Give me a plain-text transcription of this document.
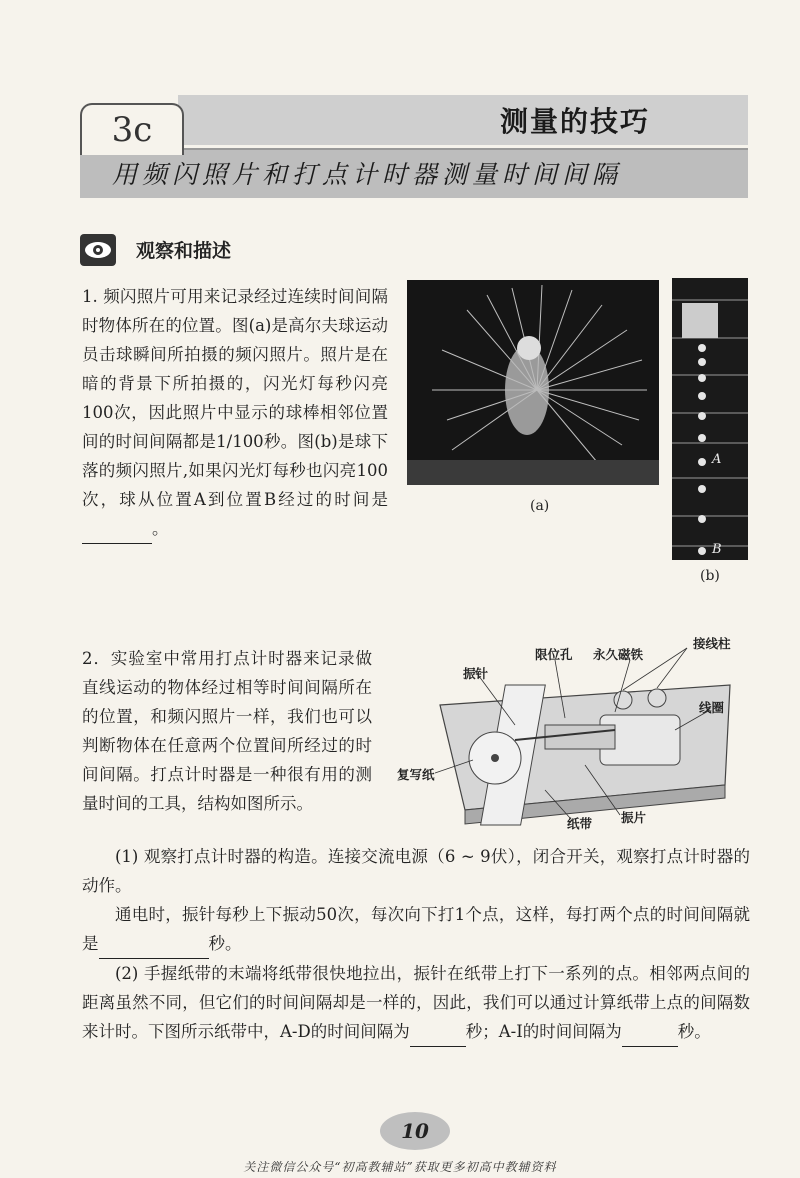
测量的技巧
3c
用频闪照片和打点计时器测量时间间隔
观察和描述
1. 频闪照片可用来记录经过连续时间间隔时物体所在的位置。图(a)是高尔夫球运动员击球瞬间所拍摄的频闪照片。照片是在暗的背景下所拍摄的，闪光灯每秒闪亮100次，因此照片中显示的球棒相邻位置间的时间间隔都是1/100秒。图(b)是球下落的频闪照片,如果闪光灯每秒也闪亮100次，球从位置A到位置B经过的时间是 。
(a)
A
B
(b)
2．实验室中常用打点计时器来记录做直线运动的物体经过相等时间间隔所在的位置，和频闪照片一样，我们也可以判断物体在任意两个位置间所经过的时间间隔。打点计时器是一种很有用的测量时间的工具，结构如图所示。
限位孔 永久磁铁
接线柱
振针
线圈
复写纸
纸带 振片
(1) 观察打点计时器的构造。连接交流电源（6 ~ 9伏），闭合开关，观察打点计时器的动作。
通电时，振针每秒上下振动50次，每次向下打1个点，这样，每打两个点的时间间隔就是	秒。
(2) 手握纸带的末端将纸带很快地拉出，振针在纸带上打下一系列的点。相邻两点间的距离虽然不同，但它们的时间间隔却是一样的，因此，我们可以通过计算纸带上点的间隔数来计时。下图所示纸带中，A-D的时间间隔为	秒；A-I的时间间隔为	秒。
10
关注微信公众号“初高教辅站”获取更多初高中教辅资料
